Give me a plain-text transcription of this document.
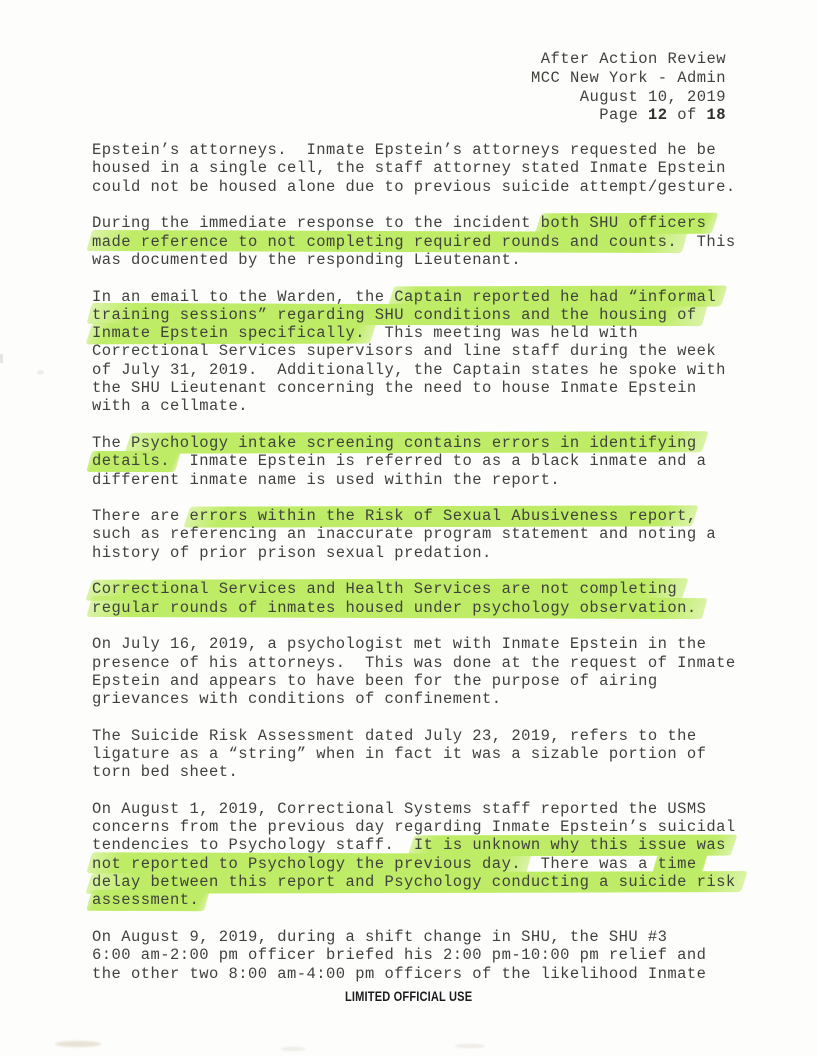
After Action Review
MCC New York - Admin
August 10, 2019
Page 12 of 18
Epstein’s attorneys.  Inmate Epstein’s attorneys requested he be
housed in a single cell, the staff attorney stated Inmate Epstein
could not be housed alone due to previous suicide attempt/gesture.
During the immediate response to the incident both SHU officers
made reference to not completing required rounds and counts.  This
was documented by the responding Lieutenant.
In an email to the Warden, the Captain reported he had “informal
training sessions” regarding SHU conditions and the housing of
Inmate Epstein specifically.  This meeting was held with
Correctional Services supervisors and line staff during the week
of July 31, 2019.  Additionally, the Captain states he spoke with
the SHU Lieutenant concerning the need to house Inmate Epstein
with a cellmate.
The Psychology intake screening contains errors in identifying
details.  Inmate Epstein is referred to as a black inmate and a
different inmate name is used within the report.
There are errors within the Risk of Sexual Abusiveness report,
such as referencing an inaccurate program statement and noting a
history of prior prison sexual predation.
Correctional Services and Health Services are not completing
regular rounds of inmates housed under psychology observation.
On July 16, 2019, a psychologist met with Inmate Epstein in the
presence of his attorneys.  This was done at the request of Inmate
Epstein and appears to have been for the purpose of airing
grievances with conditions of confinement.
The Suicide Risk Assessment dated July 23, 2019, refers to the
ligature as a “string” when in fact it was a sizable portion of
torn bed sheet.
On August 1, 2019, Correctional Systems staff reported the USMS
concerns from the previous day regarding Inmate Epstein’s suicidal
tendencies to Psychology staff.  It is unknown why this issue was
not reported to Psychology the previous day.  There was a time
delay between this report and Psychology conducting a suicide risk
assessment.
On August 9, 2019, during a shift change in SHU, the SHU #3
6:00 am-2:00 pm officer briefed his 2:00 pm-10:00 pm relief and
the other two 8:00 am-4:00 pm officers of the likelihood Inmate
LIMITED OFFICIAL USE
